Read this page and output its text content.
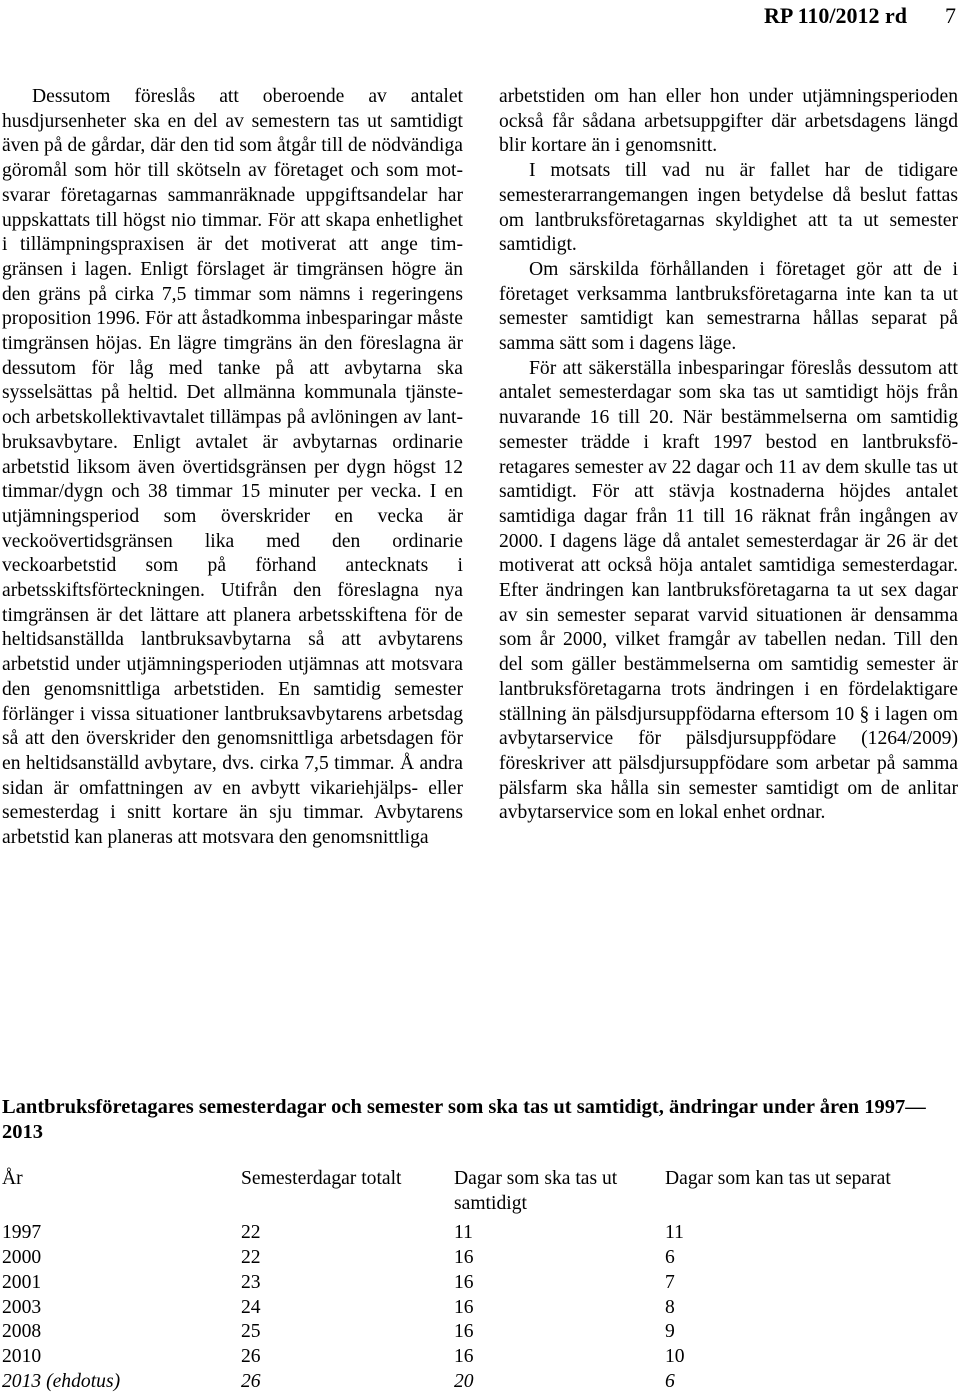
RP 110/2012 rd 7

Dessutom föreslås att oberoende av antalet husdjursenheter ska en del av semestern tas ut samtidigt även på de gårdar, där den tid som åtgår till de nödvändiga göromål som hör till skötseln av företaget och som motsvarar företagarnas sammanräknade uppgiftsandelar har uppskattats till högst nio timmar. För att skapa enhetlighet i tillämpningspraxisen är det motiverat att ange timgränsen i lagen. Enligt förslaget är timgränsen högre än den gräns på cirka 7,5 timmar som nämns i regeringens proposition 1996. För att åstadkomma inbesparingar måste timgränsen höjas. En lägre timgräns än den föreslagna är dessutom för låg med tanke på att avbytarna ska sysselsättas på heltid. Det allmänna kommunala tjänste- och arbetskollektivavtalet tillämpas på avlöningen av lantbruksavbytare. Enligt avtalet är avbytarnas ordinarie arbetstid liksom även övertidsgränsen per dygn högst 12 timmar/dygn och 38 timmar 15 minuter per vecka. I en utjämningsperiod som överskrider en vecka är veckoövertidsgränsen lika med den ordinarie veckoarbetstid som på förhand antecknats i arbetsskiftsförteckningen. Utifrån den föreslagna nya timgränsen är det lättare att planera arbetsskiftena för de heltidsanställda lantbruksavbytarna så att avbytarens arbetstid under utjämningsperioden utjämnas att motsvara den genomsnittliga arbetstiden. En samtidig semester förlänger i vissa situationer lantbruksavbytarens arbetsdag så att den överskrider den genomsnittliga arbetsdagen för en heltidsanställd avbytare, dvs. cirka 7,5 timmar. Å andra sidan är omfattningen av en avbytt vikariehjälps- eller semesterdag i snitt kortare än sju timmar. Avbytarens arbetstid kan planeras att motsvara den genomsnittliga

arbetstiden om han eller hon under utjämningsperioden också får sådana arbetsuppgifter där arbetsdagens längd blir kortare än i genomsnitt.

I motsats till vad nu är fallet har de tidigare semesterarrangemangen ingen betydelse då beslut fattas om lantbruksföretagarnas skyldighet att ta ut semester samtidigt.

Om särskilda förhållanden i företaget gör att de i företaget verksamma lantbruksföretagarna inte kan ta ut semester samtidigt kan semestrarna hållas separat på samma sätt som i dagens läge.

För att säkerställa inbesparingar föreslås dessutom att antalet semesterdagar som ska tas ut samtidigt höjs från nuvarande 16 till 20. När bestämmelserna om samtidig semester trädde i kraft 1997 bestod en lantbruksföretagares semester av 22 dagar och 11 av dem skulle tas ut samtidigt. För att stävja kostnaderna höjdes antalet samtidiga dagar från 11 till 16 räknat från ingången av 2000. I dagens läge då antalet semesterdagar är 26 är det motiverat att också höja antalet samtidiga semesterdagar. Efter ändringen kan lantbruksföretagarna ta ut sex dagar av sin semester separat varvid situationen är densamma som år 2000, vilket framgår av tabellen nedan. Till den del som gäller bestämmelserna om samtidig semester är lantbruksföretagarna trots ändringen i en fördelaktigare ställning än pälsdjursuppfödarna eftersom 10 § i lagen om avbytarservice för pälsdjursuppfödare (1264/2009) föreskriver att pälsdjursuppfödare som arbetar på samma pälsfarm ska hålla sin semester samtidigt om de anlitar avbytarservice som en lokal enhet ordnar.

Lantbruksföretagares semesterdagar och semester som ska tas ut samtidigt, ändringar under åren 1997—2013
År	Semesterdagar totalt	Dagar som ska tas ut samtidigt	Dagar som kan tas ut separat
1997	22	11	11
2000	22	16	6
2001	23	16	7
2003	24	16	8
2008	25	16	9
2010	26	16	10
2013 (ehdotus)	26	20	6
